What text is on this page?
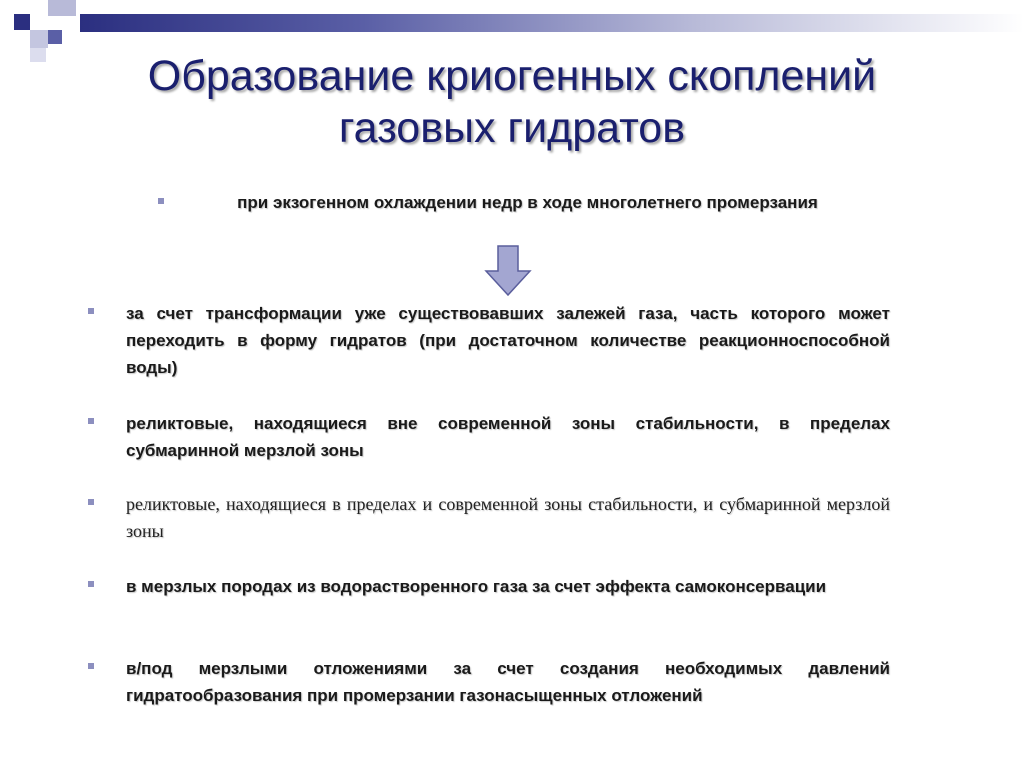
Образование криогенных скоплений
газовых гидратов
при экзогенном охлаждении недр в ходе многолетнего промерзания
за счет трансформации уже существовавших залежей газа, часть которого может переходить в форму гидратов (при достаточном количестве реакционноспособной воды)
реликтовые, находящиеся вне современной зоны стабильности, в пределах субмаринной мерзлой зоны
реликтовые, находящиеся в пределах и современной зоны стабильности, и субмаринной мерзлой зоны
в мерзлых породах из водорастворенного газа за счет эффекта самоконсервации
в/под мерзлыми отложениями за счет создания необходимых давлений гидратообразования при промерзании газонасыщенных отложений
